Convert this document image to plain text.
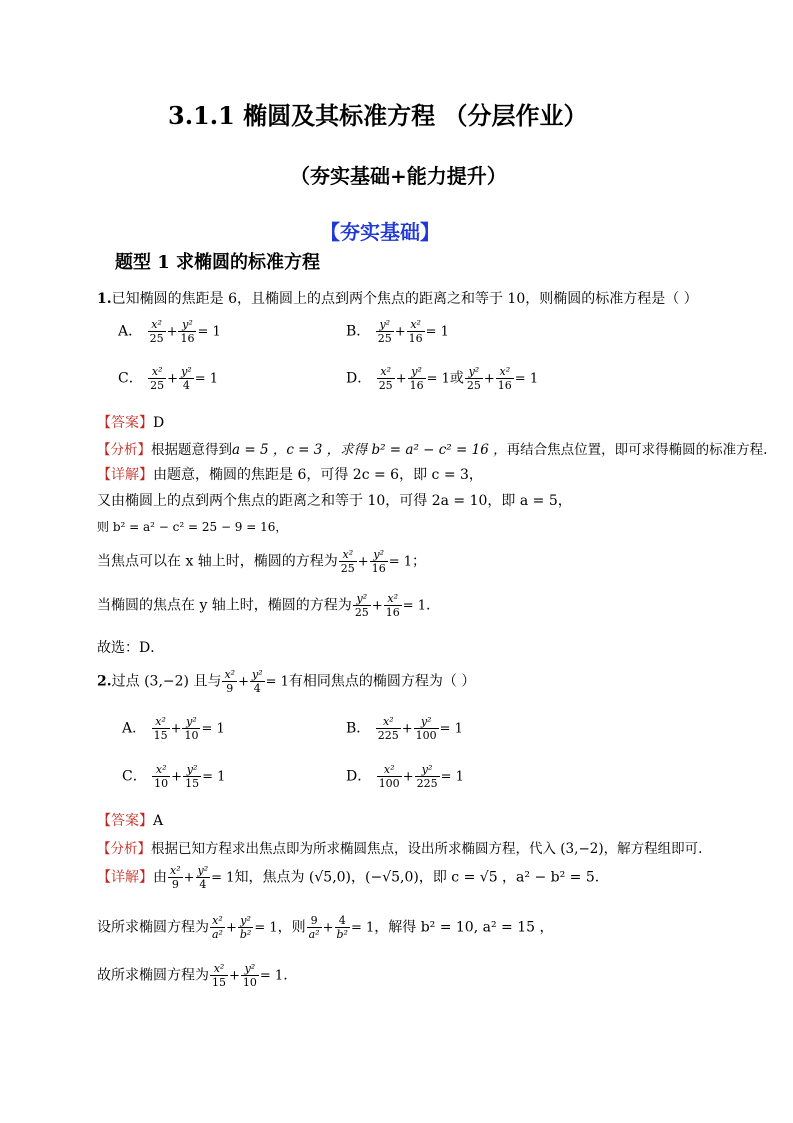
3.1.1 椭圆及其标准方程 （分层作业）
（夯实基础+能力提升）
【夯实基础】
题型 1 求椭圆的标准方程
1.已知椭圆的焦距是 6，且椭圆上的点到两个焦点的距离之和等于 10，则椭圆的标准方程是（ ）
A． $\frac{\text{x²}}{25} + \frac{\text{y²}}{16} = 1$	B． $\frac{\text{y²}}{25} + \frac{\text{x²}}{16} = 1$
C． $\frac{\text{x²}}{25} + \frac{\text{y²}}{4} = 1$	D． $\frac{\text{x²}}{25} + \frac{\text{y²}}{16} = 1$或 $\frac{\text{y²}}{25} + \frac{\text{x²}}{16} = 1$
【答案】D
【分析】根据题意得到a = 5 ，c = 3 ，求得 b² = a² − c² = 16 ，再结合焦点位置，即可求得椭圆的标准方程.
【详解】由题意，椭圆的焦距是 6，可得 2c = 6，即 c = 3，
又由椭圆上的点到两个焦点的距离之和等于 10，可得 2a = 10，即 a = 5，
则 b² = a² − c² = 25 − 9 = 16，
当焦点可以在 x 轴上时，椭圆的方程为 $\frac{\text{x²}}{25} + \frac{\text{y²}}{16} = 1$；
当椭圆的焦点在 y 轴上时，椭圆的方程为 $\frac{\text{y²}}{25} + \frac{\text{x²}}{16} = 1$.
故选：D．
2.过点 (3,−2) 且与 $\frac{\text{x²}}{9} + \frac{\text{y²}}{4} = 1$有相同焦点的椭圆方程为（ ）
A． $\frac{\text{x²}}{15} + \frac{\text{y²}}{10} = 1$	B． $\frac{\text{x²}}{225} + \frac{\text{y²}}{100} = 1$
C． $\frac{\text{x²}}{10} + \frac{\text{y²}}{15} = 1$	D． $\frac{\text{x²}}{100} + \frac{\text{y²}}{225} = 1$
【答案】A
【分析】根据已知方程求出焦点即为所求椭圆焦点，设出所求椭圆方程，代入 (3,−2)，解方程组即可.
【详解】由 $\frac{\text{x²}}{9} + \frac{\text{y²}}{4} = 1$知，焦点为 (√5,0)，(−√5,0)，即 c = √5 ，a² − b² = 5.
设所求椭圆方程为 $\frac{\text{x²}}{\text{a²}} + \frac{\text{y²}}{\text{b²}} = 1$，则 $\frac{9}{\text{a²}} + \frac{4}{\text{b²}} = 1$，解得 b² = 10, a² = 15 ，
故所求椭圆方程为 $\frac{\text{x²}}{15} + \frac{\text{y²}}{10} = 1$.
